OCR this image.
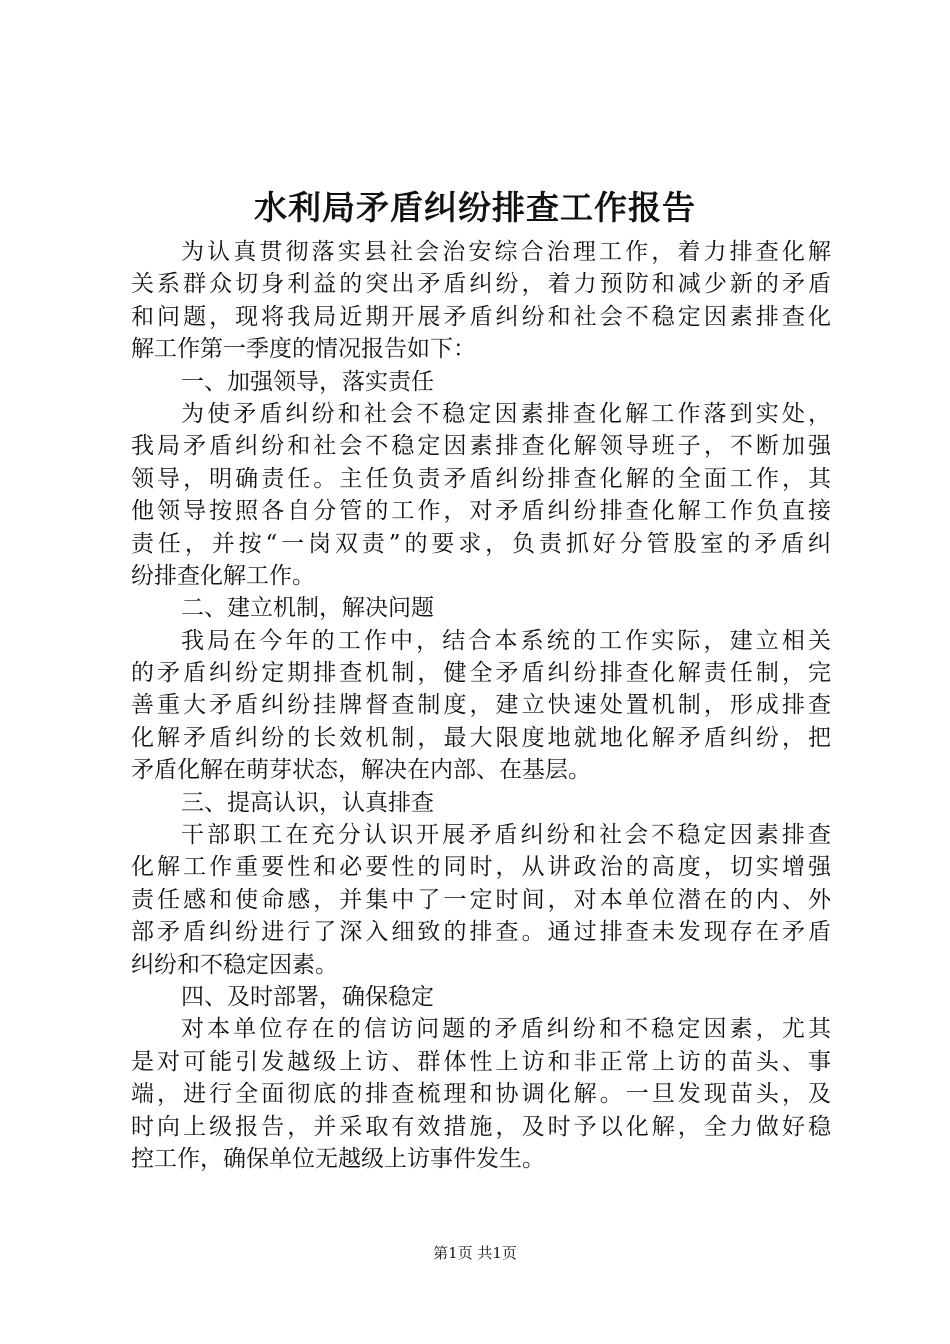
水利局矛盾纠纷排查工作报告
为认真贯彻落实县社会治安综合治理工作，着力排查化解
关系群众切身利益的突出矛盾纠纷，着力预防和减少新的矛盾
和问题，现将我局近期开展矛盾纠纷和社会不稳定因素排查化
解工作第一季度的情况报告如下：
一、加强领导，落实责任
为使矛盾纠纷和社会不稳定因素排查化解工作落到实处，
我局矛盾纠纷和社会不稳定因素排查化解领导班子，不断加强
领导，明确责任。主任负责矛盾纠纷排查化解的全面工作，其
他领导按照各自分管的工作，对矛盾纠纷排查化解工作负直接
责任，并按“一岗双责”的要求，负责抓好分管股室的矛盾纠
纷排查化解工作。
二、建立机制，解决问题
我局在今年的工作中，结合本系统的工作实际，建立相关
的矛盾纠纷定期排查机制，健全矛盾纠纷排查化解责任制，完
善重大矛盾纠纷挂牌督查制度，建立快速处置机制，形成排查
化解矛盾纠纷的长效机制，最大限度地就地化解矛盾纠纷，把
矛盾化解在萌芽状态，解决在内部、在基层。
三、提高认识，认真排查
干部职工在充分认识开展矛盾纠纷和社会不稳定因素排查
化解工作重要性和必要性的同时，从讲政治的高度，切实增强
责任感和使命感，并集中了一定时间，对本单位潜在的内、外
部矛盾纠纷进行了深入细致的排查。通过排查未发现存在矛盾
纠纷和不稳定因素。
四、及时部署，确保稳定
对本单位存在的信访问题的矛盾纠纷和不稳定因素，尤其
是对可能引发越级上访、群体性上访和非正常上访的苗头、事
端，进行全面彻底的排查梳理和协调化解。一旦发现苗头，及
时向上级报告，并采取有效措施，及时予以化解，全力做好稳
控工作，确保单位无越级上访事件发生。
第1页 共1页
